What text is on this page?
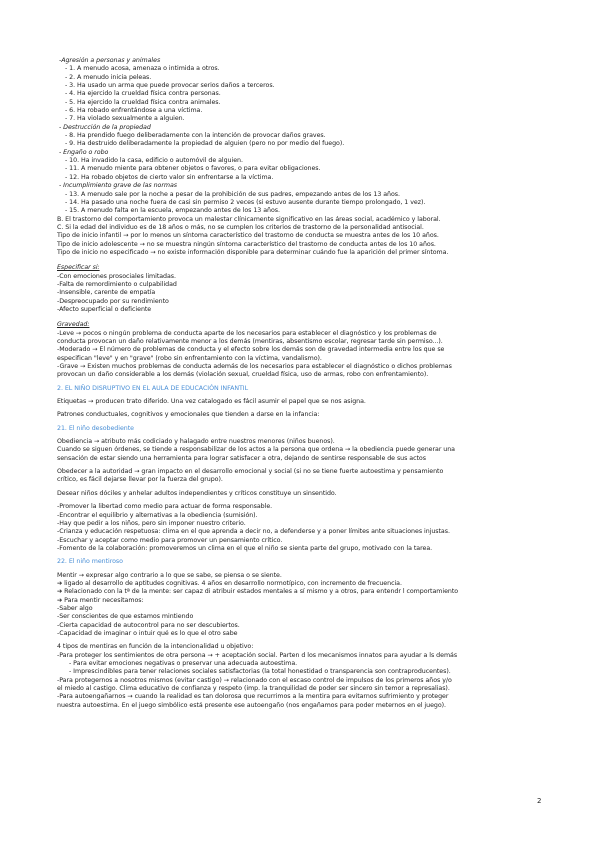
-Agresión a personas y animales
- 1. A menudo acosa, amenaza o intimida a otros.
- 2. A menudo inicia peleas.
- 3. Ha usado un arma que puede provocar serios daños a terceros.
- 4. Ha ejercido la crueldad física contra personas.
- 5. Ha ejercido la crueldad física contra animales.
- 6. Ha robado enfrentándose a una víctima.
- 7. Ha violado sexualmente a alguien.
- Destrucción de la propiedad
- 8. Ha prendido fuego deliberadamente con la intención de provocar daños graves.
- 9. Ha destruido deliberadamente la propiedad de alguien (pero no por medio del fuego).
- Engaño o robo
- 10. Ha invadido la casa, edificio o automóvil de alguien.
- 11. A menudo miente para obtener objetos o favores, o para evitar obligaciones.
- 12. Ha robado objetos de cierto valor sin enfrentarse a la víctima.
- Incumplimiento grave de las normas
- 13. A menudo sale por la noche a pesar de la prohibición de sus padres, empezando antes de los 13 años.
- 14. Ha pasado una noche fuera de casi sin permiso 2 veces (si estuvo ausente durante tiempo prolongado, 1 vez).
- 15. A menudo falta en la escuela, empezando antes de los 13 años.
B. El trastorno del comportamiento provoca un malestar clínicamente significativo en las áreas social, académico y laboral.
C. Si la edad del individuo es de 18 años o más, no se cumplen los criterios de trastorno de la personalidad antisocial.
Tipo de inicio infantil → por lo menos un síntoma característico del trastorno de conducta se muestra antes de los 10 años.
Tipo de inicio adolescente → no se muestra ningún síntoma característico del trastorno de conducta antes de los 10 años.
Tipo de inicio no especificado → no existe información disponible para determinar cuándo fue la aparición del primer síntoma.
Especificar si:
-Con emociones prosociales limitadas.
-Falta de remordimiento o culpabilidad
-Insensible, carente de empatía
-Despreocupado por su rendimiento
-Afecto superficial o deficiente
Gravedad:
-Leve → pocos o ningún problema de conducta aparte de los necesarios para establecer el diagnóstico y los problemas de
conducta provocan un daño relativamente menor a los demás (mentiras, absentismo escolar, regresar tarde sin permiso...).
-Moderado → El número de problemas de conducta y el efecto sobre los demás son de gravedad intermedia entre los que se
especifican "leve" y en "grave" (robo sin enfrentamiento con la víctima, vandalismo).
-Grave → Existen muchos problemas de conducta además de los necesarios para establecer el diagnóstico o dichos problemas
provocan un daño considerable a los demás (violación sexual, crueldad física, uso de armas, robo con enfrentamiento).
2. EL NIÑO DISRUPTIVO EN EL AULA DE EDUCACIÓN INFANTIL
Etiquetas → producen trato diferido. Una vez catalogado es fácil asumir el papel que se nos asigna.
Patrones conductuales, cognitivos y emocionales que tienden a darse en la infancia:
21. El niño desobediente
Obediencia → atributo más codiciado y halagado entre nuestros menores (niños buenos).
Cuando se siguen órdenes, se tiende a responsabilizar de los actos a la persona que ordena → la obediencia puede generar una
sensación de estar siendo una herramienta para lograr satisfacer a otra, dejando de sentirse responsable de sus actos
Obedecer a la autoridad → gran impacto en el desarrollo emocional y social (si no se tiene fuerte autoestima y pensamiento
crítico, es fácil dejarse llevar por la fuerza del grupo).
Desear niños dóciles y anhelar adultos independientes y críticos constituye un sinsentido.
-Promover la libertad como medio para actuar de forma responsable.
-Encontrar el equilibrio y alternativas a la obediencia (sumisión).
-Hay que pedir a los niños, pero sin imponer nuestro criterio.
-Crianza y educación respetuosa: clima en el que aprenda a decir no, a defenderse y a poner límites ante situaciones injustas.
-Escuchar y aceptar como medio para promover un pensamiento crítico.
-Fomento de la colaboración: promoveremos un clima en el que el niño se sienta parte del grupo, motivado con la tarea.
22. El niño mentiroso
Mentir → expresar algo contrario a lo que se sabe, se piensa o se siente.
➔ ligado al desarrollo de aptitudes cognitivas. 4 años en desarrollo normotípico, con incremento de frecuencia.
➔ Relacionado con la tª de la mente: ser capaz di atribuir estados mentales a sí mismo y a otros, para entendr l comportamiento
➔ Para mentir necesitamos:
-Saber algo
-Ser conscientes de que estamos mintiendo
-Cierta capacidad de autocontrol para no ser descubiertos.
-Capacidad de imaginar o intuir qué es lo que el otro sabe
4 tipos de mentiras en función de la intencionalidad u objetivo:
-Para proteger los sentimientos de otra persona → + aceptación social. Parten d los mecanismos innatos para ayudar a ls demás
- Para evitar emociones negativas o preservar una adecuada autoestima.
- Imprescindibles para tener relaciones sociales satisfactorias (la total honestidad o transparencia son contraproducentes).
-Para protegernos a nosotros mismos (evitar castigo) → relacionado con el escaso control de impulsos de los primeros años y/o
el miedo al castigo. Clima educativo de confianza y respeto (imp. la tranquilidad de poder ser sincero sin temor a represalias).
-Para autoengañarnos → cuando la realidad es tan dolorosa que recurrimos a la mentira para evitarnos sufrimiento y proteger
nuestra autoestima. En el juego simbólico está presente ese autoengaño (nos engañamos para poder meternos en el juego).
2
